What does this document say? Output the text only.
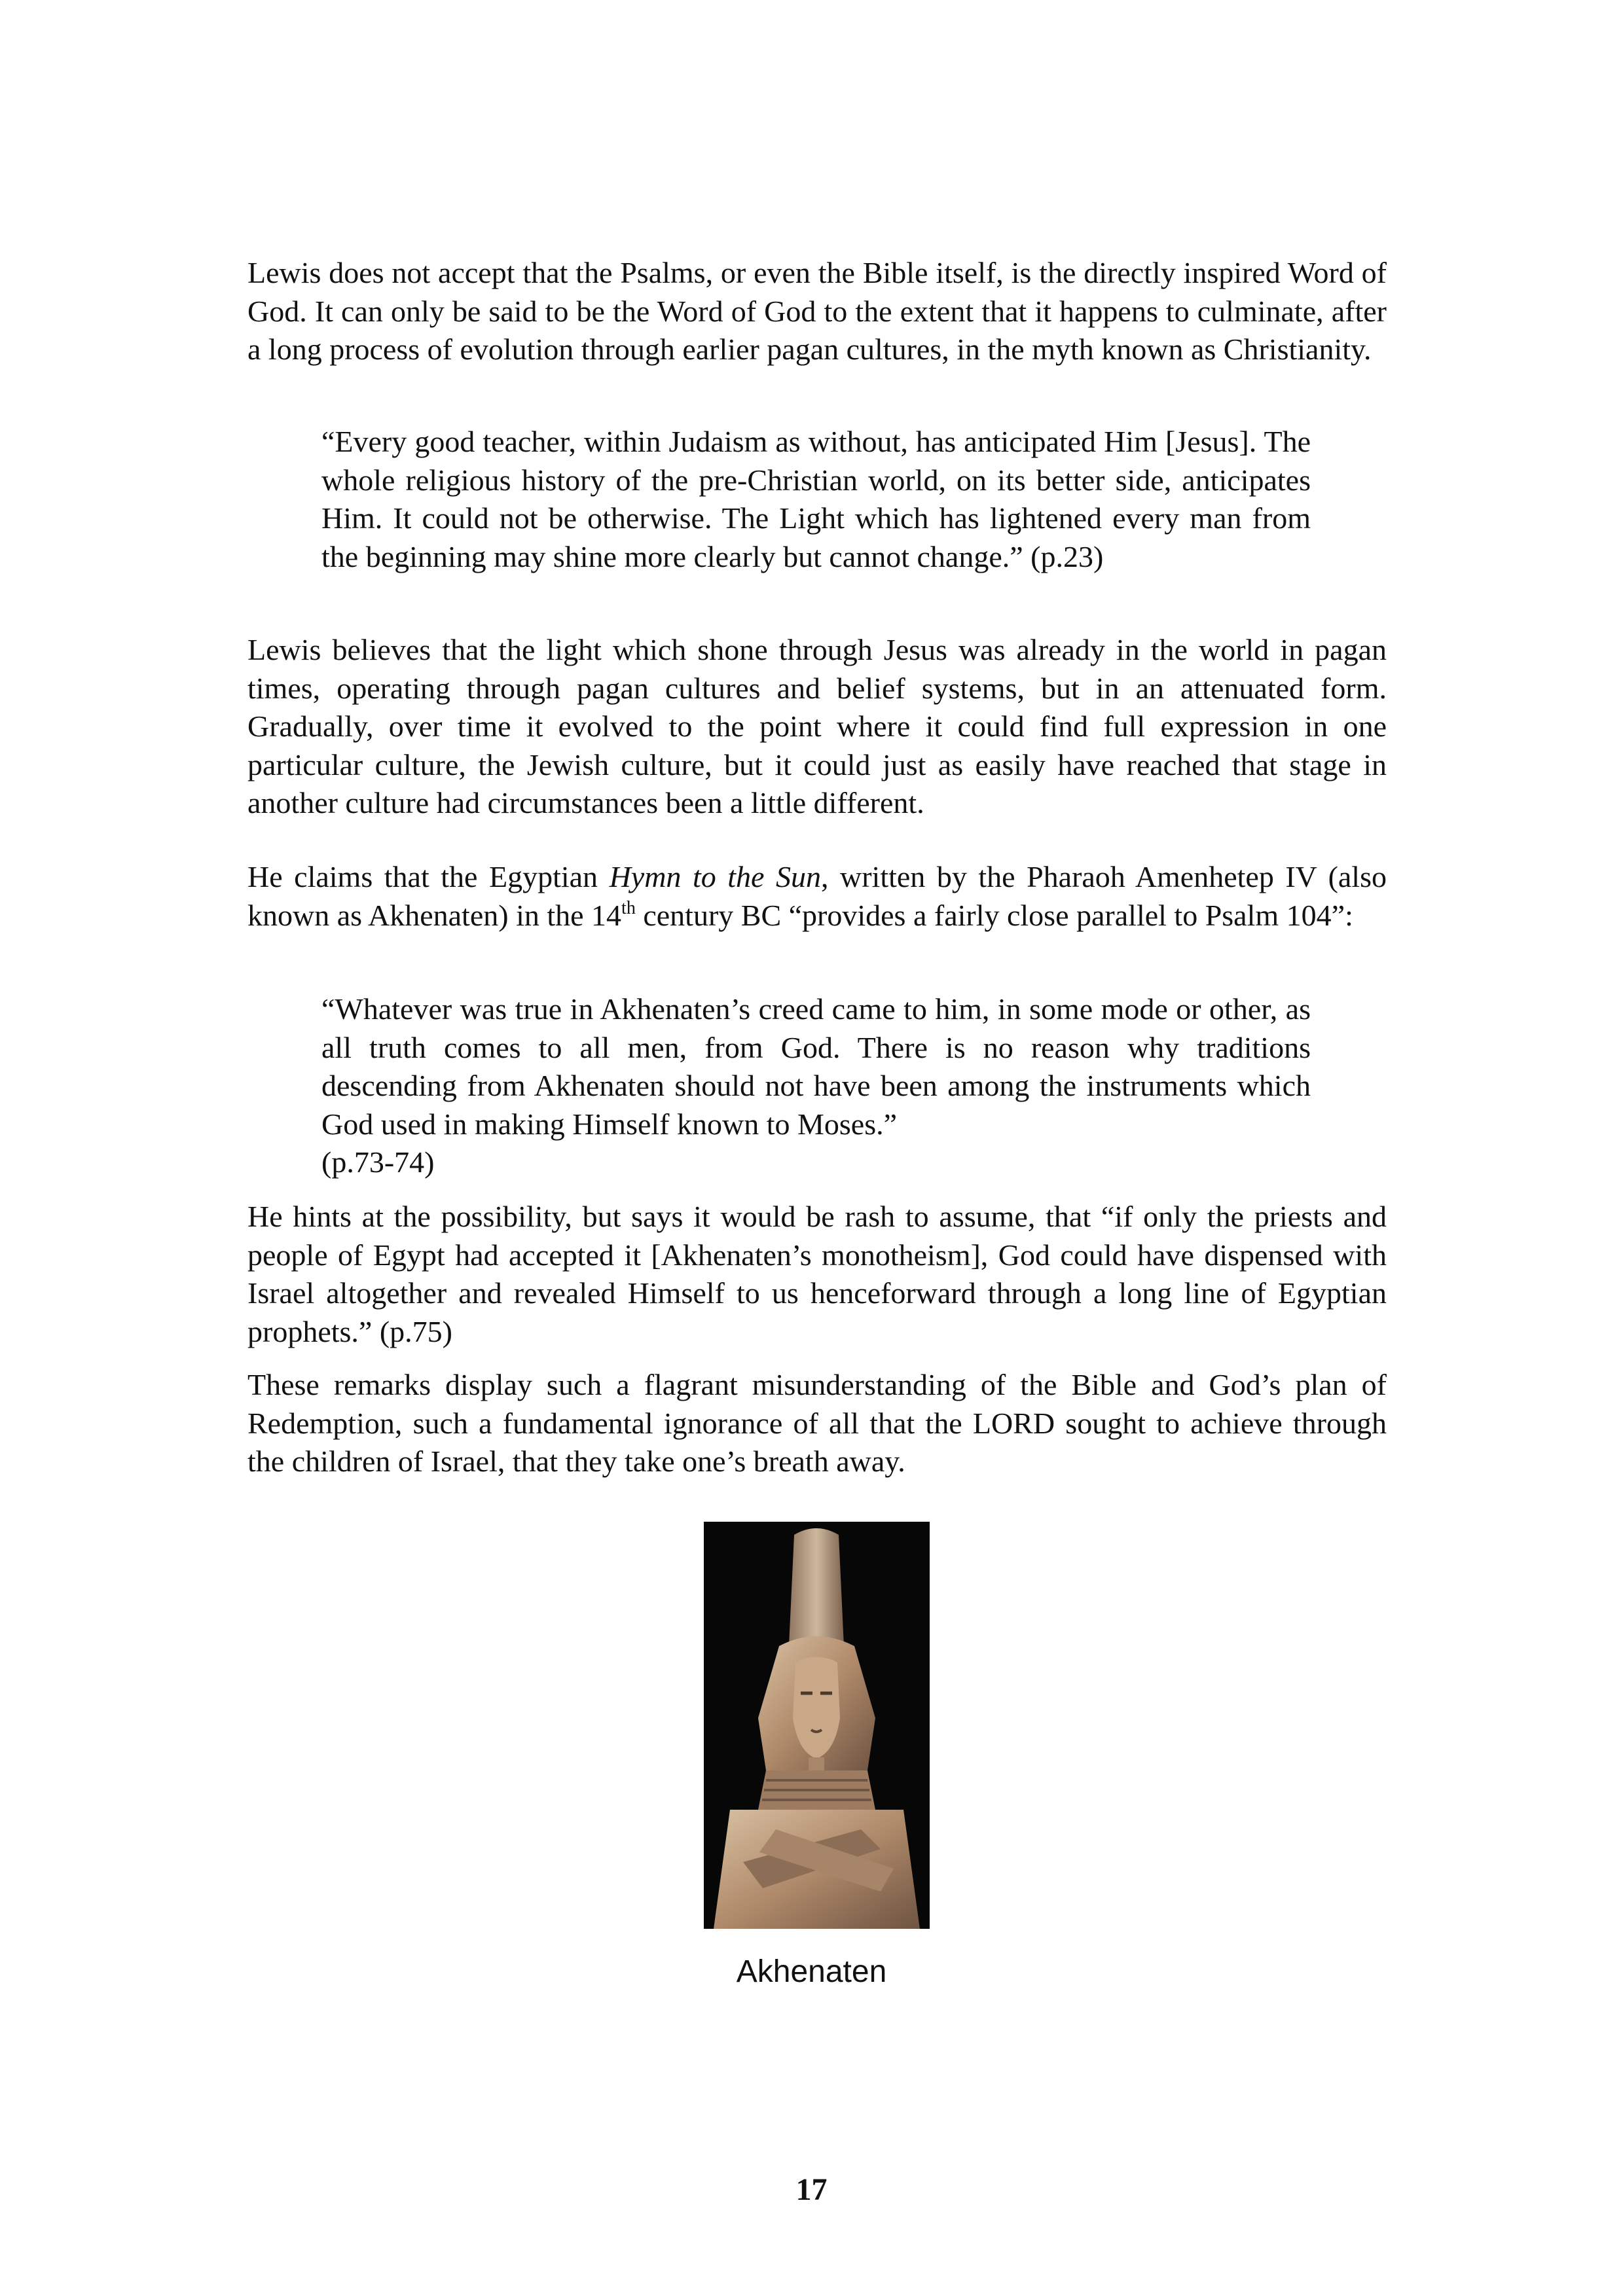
Lewis does not accept that the Psalms, or even the Bible itself, is the directly inspired Word of God. It can only be said to be the Word of God to the extent that it happens to culminate, after a long process of evolution through earlier pagan cultures, in the myth known as Christianity.

“Every good teacher, within Judaism as without, has anticipated Him [Jesus]. The whole religious history of the pre-Christian world, on its better side, anticipates Him. It could not be otherwise. The Light which has lightened every man from the beginning may shine more clearly but cannot change.” (p.23)

Lewis believes that the light which shone through Jesus was already in the world in pagan times, operating through pagan cultures and belief systems, but in an attenuated form. Gradually, over time it evolved to the point where it could find full expression in one particular culture, the Jewish culture, but it could just as easily have reached that stage in another culture had circumstances been a little different.

He claims that the Egyptian Hymn to the Sun, written by the Pharaoh Amenhetep IV (also known as Akhenaten) in the 14th century BC “provides a fairly close parallel to Psalm 104”:

“Whatever was true in Akhenaten’s creed came to him, in some mode or other, as all truth comes to all men, from God. There is no reason why traditions descending from Akhenaten should not have been among the instruments which God used in making Himself known to Moses.”
(p.73-74)

He hints at the possibility, but says it would be rash to assume, that “if only the priests and people of Egypt had accepted it [Akhenaten’s monotheism], God could have dispensed with Israel altogether and revealed Himself to us henceforward through a long line of Egyptian prophets.” (p.75)

These remarks display such a flagrant misunderstanding of the Bible and God’s plan of Redemption, such a fundamental ignorance of all that the LORD sought to achieve through the children of Israel, that they take one’s breath away.

Akhenaten
17
